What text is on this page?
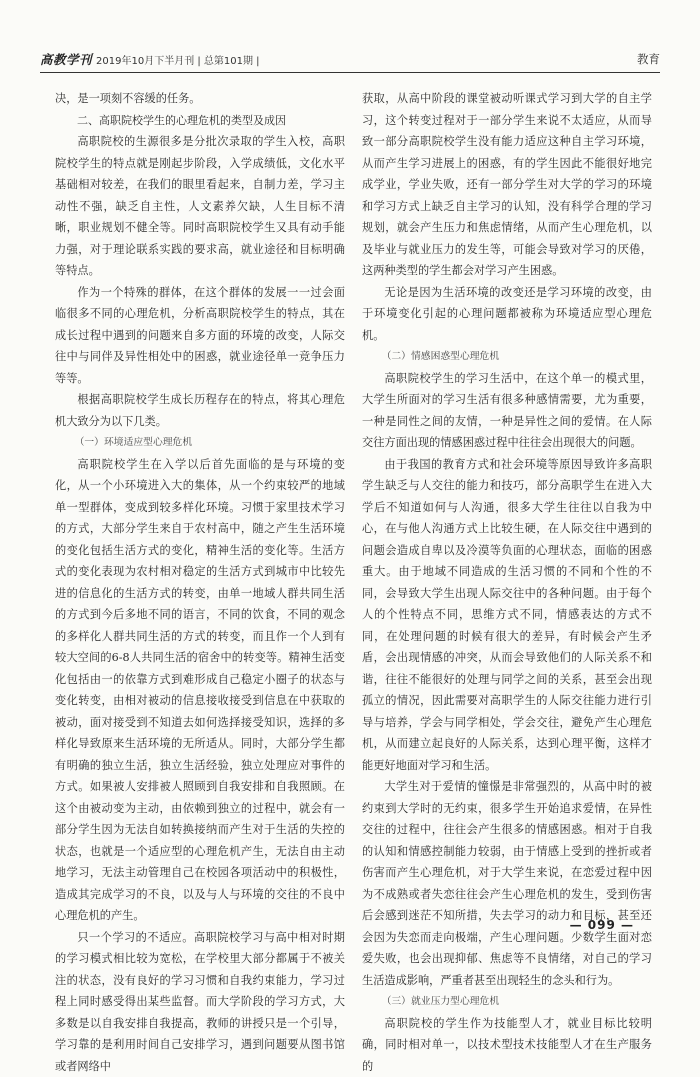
高教学刊 2019年10月下半月刊 | 总第101期 |	教育

决，是一项刻不容缓的任务。

二、高职院校学生的心理危机的类型及成因

高职院校的生源很多是分批次录取的学生入校，高职院校学生的特点就是刚起步阶段，入学成绩低，文化水平基础相对较差，在我们的眼里看起来，自制力差，学习主动性不强，缺乏自主性，人文素养欠缺，人生目标不清晰，职业规划不健全等。同时高职院校学生又具有动手能力强，对于理论联系实践的要求高，就业途径和目标明确等特点。

作为一个特殊的群体，在这个群体的发展一一过会面临很多不同的心理危机，分析高职院校学生的特点，其在成长过程中遇到的问题来自多方面的环境的改变，人际交往中与同伴及异性相处中的困惑，就业途径单一竞争压力等等。

根据高职院校学生成长历程存在的特点，将其心理危机大致分为以下几类。

（一）环境适应型心理危机

高职院校学生在入学以后首先面临的是与环境的变化，从一个小环境进入大的集体，从一个约束较严的地域单一型群体，变成到较多样化环境。习惯于家里技术学习的方式，大部分学生来自于农村高中，随之产生生活环境的变化包括生活方式的变化，精神生活的变化等。生活方式的变化表现为农村相对稳定的生活方式到城市中比较先进的信息化的生活方式的转变，由单一地域人群共同生活的方式到今后多地不同的语言，不同的饮食，不同的观念的多样化人群共同生活的方式的转变，而且作一个人到有较大空间的6-8人共同生活的宿舍中的转变等。精神生活变化包括由一的依靠方式到难形成自己稳定小圈子的状态与变化转变，由相对被动的信息接收接受到信息在中获取的被动，面对接受到不知道去如何选择接受知识，选择的多样化导致原来生活环境的无所适从。同时，大部分学生都有明确的独立生活，独立生活经验，独立处理应对事件的方式。如果被人安排被人照顾到自我安排和自我照顾。在这个由被动变为主动，由依赖到独立的过程中，就会有一部分学生因为无法自如转换接纳而产生对于生活的失控的状态，也就是一个适应型的心理危机产生，无法自由主动地学习，无法主动管理自己在校园各项活动中的积极性，造成其完成学习的不良，以及与人与环境的交往的不良中心理危机的产生。

只一个学习的不适应。高职院校学习与高中相对时期的学习模式相比较为宽松，在学校里大部分都属于不被关注的状态，没有良好的学习习惯和自我约束能力，学习过程上同时感受得出某些监督。而大学阶段的学习方式，大多数是以自我安排自我提高，教师的讲授只是一个引导，学习靠的是利用时间自己安排学习，遇到问题要从图书馆或者网络中

获取，从高中阶段的课堂被动听课式学习到大学的自主学习，这个转变过程对于一部分学生来说不太适应，从而导致一部分高职院校学生没有能力适应这种自主学习环境，从而产生学习进展上的困惑，有的学生因此不能很好地完成学业，学业失败，还有一部分学生对大学的学习的环境和学习方式上缺乏自主学习的认知，没有科学合理的学习规划，就会产生压力和焦虑情绪，从而产生心理危机，以及毕业与就业压力的发生等，可能会导致对学习的厌倦，这两种类型的学生都会对学习产生困惑。

无论是因为生活环境的改变还是学习环境的改变，由于环境变化引起的心理问题都被称为环境适应型心理危机。

（二）情感困惑型心理危机

高职院校学生的学习生活中，在这个单一的模式里，大学生所面对的学习生活有很多种感情需要，尤为重要，一种是同性之间的友情，一种是异性之间的爱情。在人际交往方面出现的情感困惑过程中往往会出现很大的问题。

由于我国的教育方式和社会环境等原因导致许多高职学生缺乏与人交往的能力和技巧，部分高职学生在进入大学后不知道如何与人沟通，很多大学生往往以自我为中心，在与他人沟通方式上比较生硬，在人际交往中遇到的问题会造成自卑以及冷漠等负面的心理状态，面临的困惑重大。由于地域不同造成的生活习惯的不同和个性的不同，会导致大学生出现人际交往中的各种问题。由于每个人的个性特点不同，思维方式不同，情感表达的方式不同，在处理问题的时候有很大的差异，有时候会产生矛盾，会出现情感的冲突，从而会导致他们的人际关系不和谐，往往不能很好的处理与同学之间的关系，甚至会出现孤立的情况，因此需要对高职学生的人际交往能力进行引导与培养，学会与同学相处，学会交往，避免产生心理危机，从而建立起良好的人际关系，达到心理平衡，这样才能更好地面对学习和生活。

大学生对于爱情的憧憬是非常强烈的，从高中时的被约束到大学时的无约束，很多学生开始追求爱情，在异性交往的过程中，往往会产生很多的情感困惑。相对于自我的认知和情感控制能力较弱，由于情感上受到的挫折或者伤害而产生心理危机，对于大学生来说，在恋爱过程中因为不成熟或者失恋往往会产生心理危机的发生，受到伤害后会感到迷茫不知所措，失去学习的动力和目标，甚至还会因为失恋而走向极端，产生心理问题。少数学生面对恋爱失败，也会出现抑郁、焦虑等不良情绪，对自己的学习生活造成影响，严重者甚至出现轻生的念头和行为。

（三）就业压力型心理危机

高职院校的学生作为技能型人才，就业目标比较明确，同时相对单一，以技术型技术技能型人才在生产服务的

— 099 —
